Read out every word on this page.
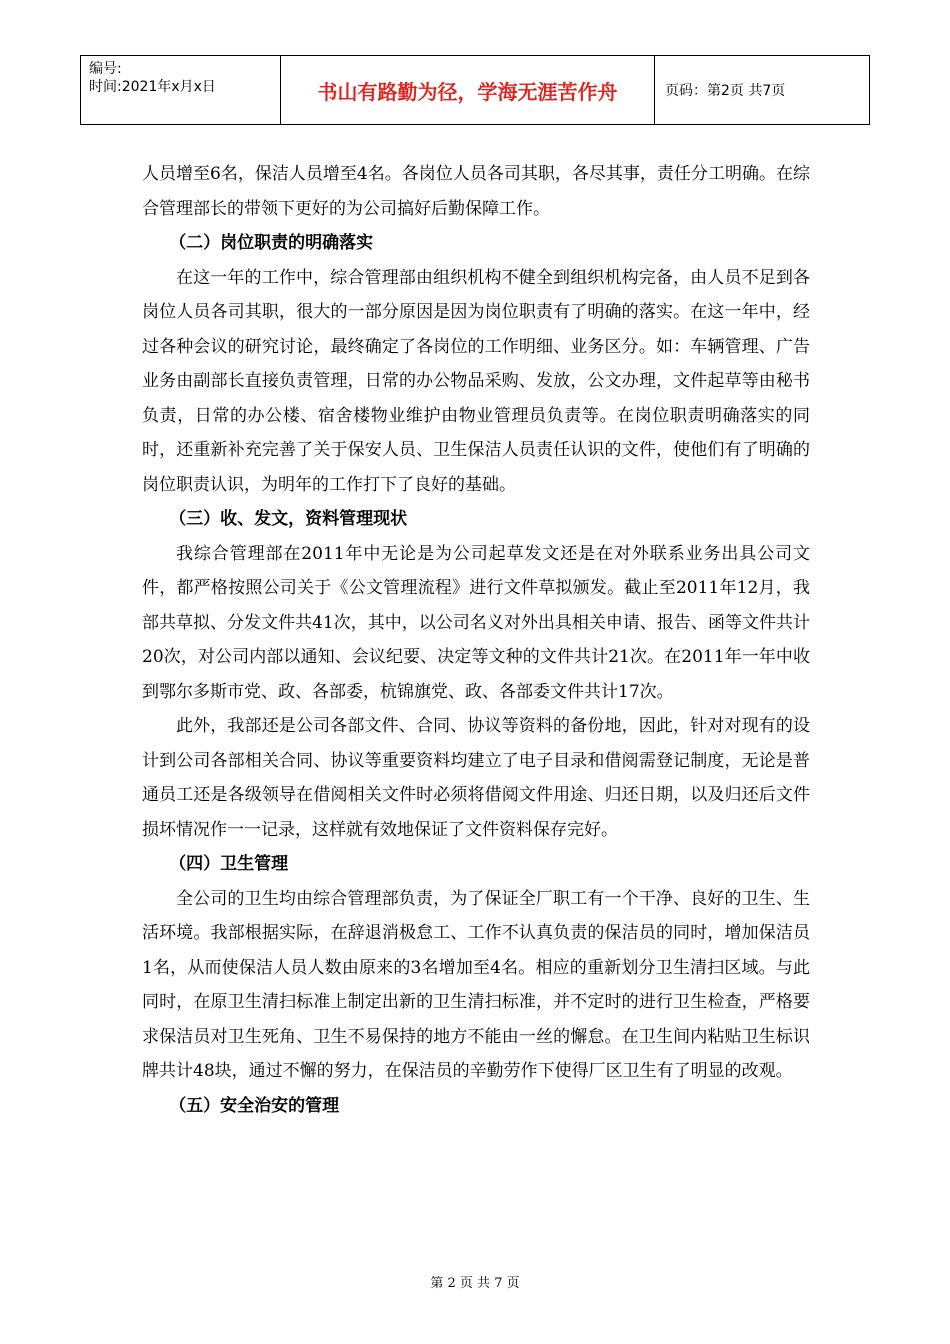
编号:
时间:2021年x月x日	书山有路勤为径，学海无涯苦作舟	页码：第2页 共7页

人员增至6名，保洁人员增至4名。各岗位人员各司其职，各尽其事，责任分工明确。在综合管理部长的带领下更好的为公司搞好后勤保障工作。

（二）岗位职责的明确落实

在这一年的工作中，综合管理部由组织机构不健全到组织机构完备，由人员不足到各岗位人员各司其职，很大的一部分原因是因为岗位职责有了明确的落实。在这一年中，经过各种会议的研究讨论，最终确定了各岗位的工作明细、业务区分。如：车辆管理、广告业务由副部长直接负责管理，日常的办公物品采购、发放，公文办理，文件起草等由秘书负责，日常的办公楼、宿舍楼物业维护由物业管理员负责等。在岗位职责明确落实的同时，还重新补充完善了关于保安人员、卫生保洁人员责任认识的文件，使他们有了明确的岗位职责认识，为明年的工作打下了良好的基础。

（三）收、发文，资料管理现状

我综合管理部在2011年中无论是为公司起草发文还是在对外联系业务出具公司文件，都严格按照公司关于《公文管理流程》进行文件草拟颁发。截止至2011年12月，我部共草拟、分发文件共41次，其中，以公司名义对外出具相关申请、报告、函等文件共计20次，对公司内部以通知、会议纪要、决定等文种的文件共计21次。在2011年一年中收到鄂尔多斯市党、政、各部委，杭锦旗党、政、各部委文件共计17次。

此外，我部还是公司各部文件、合同、协议等资料的备份地，因此，针对对现有的设计到公司各部相关合同、协议等重要资料均建立了电子目录和借阅需登记制度，无论是普通员工还是各级领导在借阅相关文件时必须将借阅文件用途、归还日期，以及归还后文件损坏情况作一一记录，这样就有效地保证了文件资料保存完好。

（四）卫生管理

全公司的卫生均由综合管理部负责，为了保证全厂职工有一个干净、良好的卫生、生活环境。我部根据实际，在辞退消极怠工、工作不认真负责的保洁员的同时，增加保洁员1名，从而使保洁人员人数由原来的3名增加至4名。相应的重新划分卫生清扫区域。与此同时，在原卫生清扫标准上制定出新的卫生清扫标准，并不定时的进行卫生检查，严格要求保洁员对卫生死角、卫生不易保持的地方不能由一丝的懈怠。在卫生间内粘贴卫生标识牌共计48块，通过不懈的努力，在保洁员的辛勤劳作下使得厂区卫生有了明显的改观。

（五）安全治安的管理
第 2 页 共 7 页
